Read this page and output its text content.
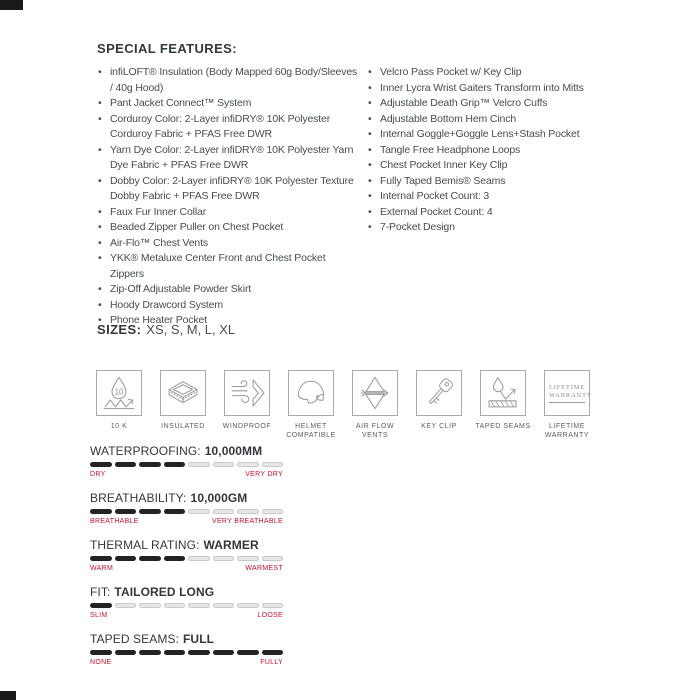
SPECIAL FEATURES:
• infiLOFT® Insulation (Body Mapped 60g Body/Sleeves / 40g Hood)
• Pant Jacket Connect™ System
• Corduroy Color: 2-Layer infiDRY® 10K Polyester Corduroy Fabric + PFAS Free DWR
• Yarn Dye Color: 2-Layer infiDRY® 10K Polyester Yarn Dye Fabric + PFAS Free DWR
• Dobby Color: 2-Layer infiDRY® 10K Polyester Texture Dobby Fabric + PFAS Free DWR
• Faux Fur Inner Collar
• Beaded Zipper Puller on Chest Pocket
• Air-Flo™ Chest Vents
• YKK® Metaluxe Center Front and Chest Pocket Zippers
• Zip-Off Adjustable Powder Skirt
• Hoody Drawcord System
• Phone Heater Pocket
• Velcro Pass Pocket w/ Key Clip
• Inner Lycra Wrist Gaiters Transform into Mitts
• Adjustable Death Grip™ Velcro Cuffs
• Adjustable Bottom Hem Cinch
• Internal Goggle+Goggle Lens+Stash Pocket
• Tangle Free Headphone Loops
• Chest Pocket Inner Key Clip
• Fully Taped Bemis® Seams
• Internal Pocket Count: 3
• External Pocket Count: 4
• 7-Pocket Design
SIZES: XS, S, M, L, XL
10
10 K	INSULATED	WINDPROOF	HELMET COMPATIBLE
AIR FLOW VENTS
KEY CLIP	TAPED SEAMS
LIFETIME WARRANTY
LIFETIME WARRANTY
WATERPROOFING: 10,000MM
DRY	VERY DRY
BREATHABILITY: 10,000GM
BREATHABLE	VERY BREATHABLE
THERMAL RATING: WARMER
WARM	WARMEST
FIT: TAILORED LONG
SLIM	LOOSE
TAPED SEAMS: FULL
NONE	FULLY
